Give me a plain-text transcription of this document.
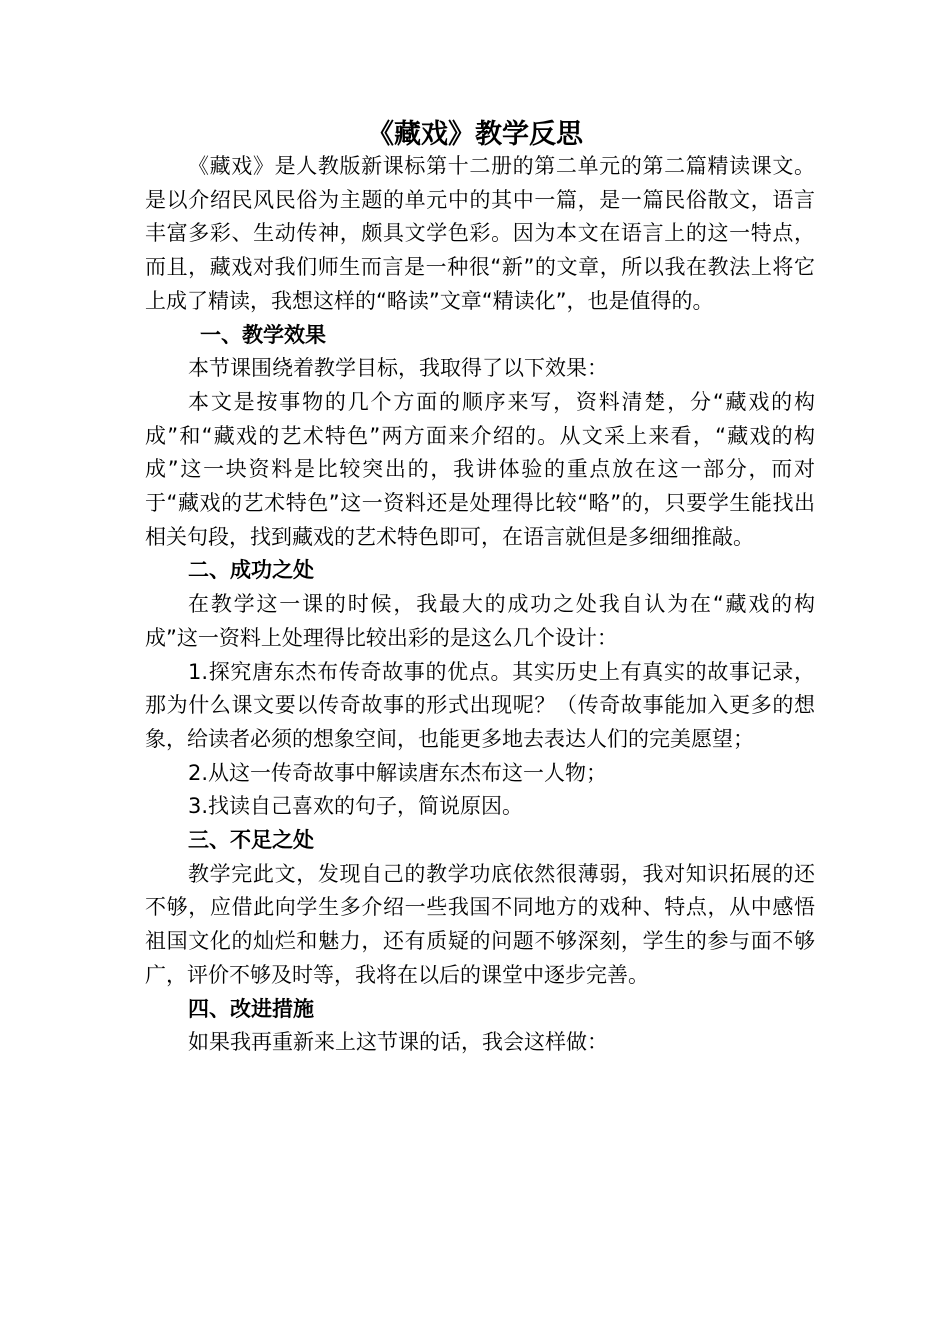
《藏戏》教学反思

《藏戏》是人教版新课标第十二册的第二单元的第二篇精读课文。是以介绍民风民俗为主题的单元中的其中一篇，是一篇民俗散文，语言丰富多彩、生动传神，颇具文学色彩。因为本文在语言上的这一特点，而且，藏戏对我们师生而言是一种很“新”的文章，所以我在教法上将它上成了精读，我想这样的“略读”文章“精读化”，也是值得的。

一、教学效果

本节课围绕着教学目标，我取得了以下效果：

本文是按事物的几个方面的顺序来写，资料清楚，分“藏戏的构成”和“藏戏的艺术特色”两方面来介绍的。从文采上来看，“藏戏的构成”这一块资料是比较突出的，我讲体验的重点放在这一部分，而对于“藏戏的艺术特色”这一资料还是处理得比较“略”的，只要学生能找出相关句段，找到藏戏的艺术特色即可，在语言就但是多细细推敲。

二、成功之处

在教学这一课的时候，我最大的成功之处我自认为在“藏戏的构成”这一资料上处理得比较出彩的是这么几个设计：

1.探究唐东杰布传奇故事的优点。其实历史上有真实的故事记录，那为什么课文要以传奇故事的形式出现呢？（传奇故事能加入更多的想象，给读者必须的想象空间，也能更多地去表达人们的完美愿望；

2.从这一传奇故事中解读唐东杰布这一人物；

3.找读自己喜欢的句子，简说原因。

三、不足之处

教学完此文，发现自己的教学功底依然很薄弱，我对知识拓展的还不够，应借此向学生多介绍一些我国不同地方的戏种、特点，从中感悟祖国文化的灿烂和魅力，还有质疑的问题不够深刻，学生的参与面不够广，评价不够及时等，我将在以后的课堂中逐步完善。

四、改进措施

如果我再重新来上这节课的话，我会这样做：
